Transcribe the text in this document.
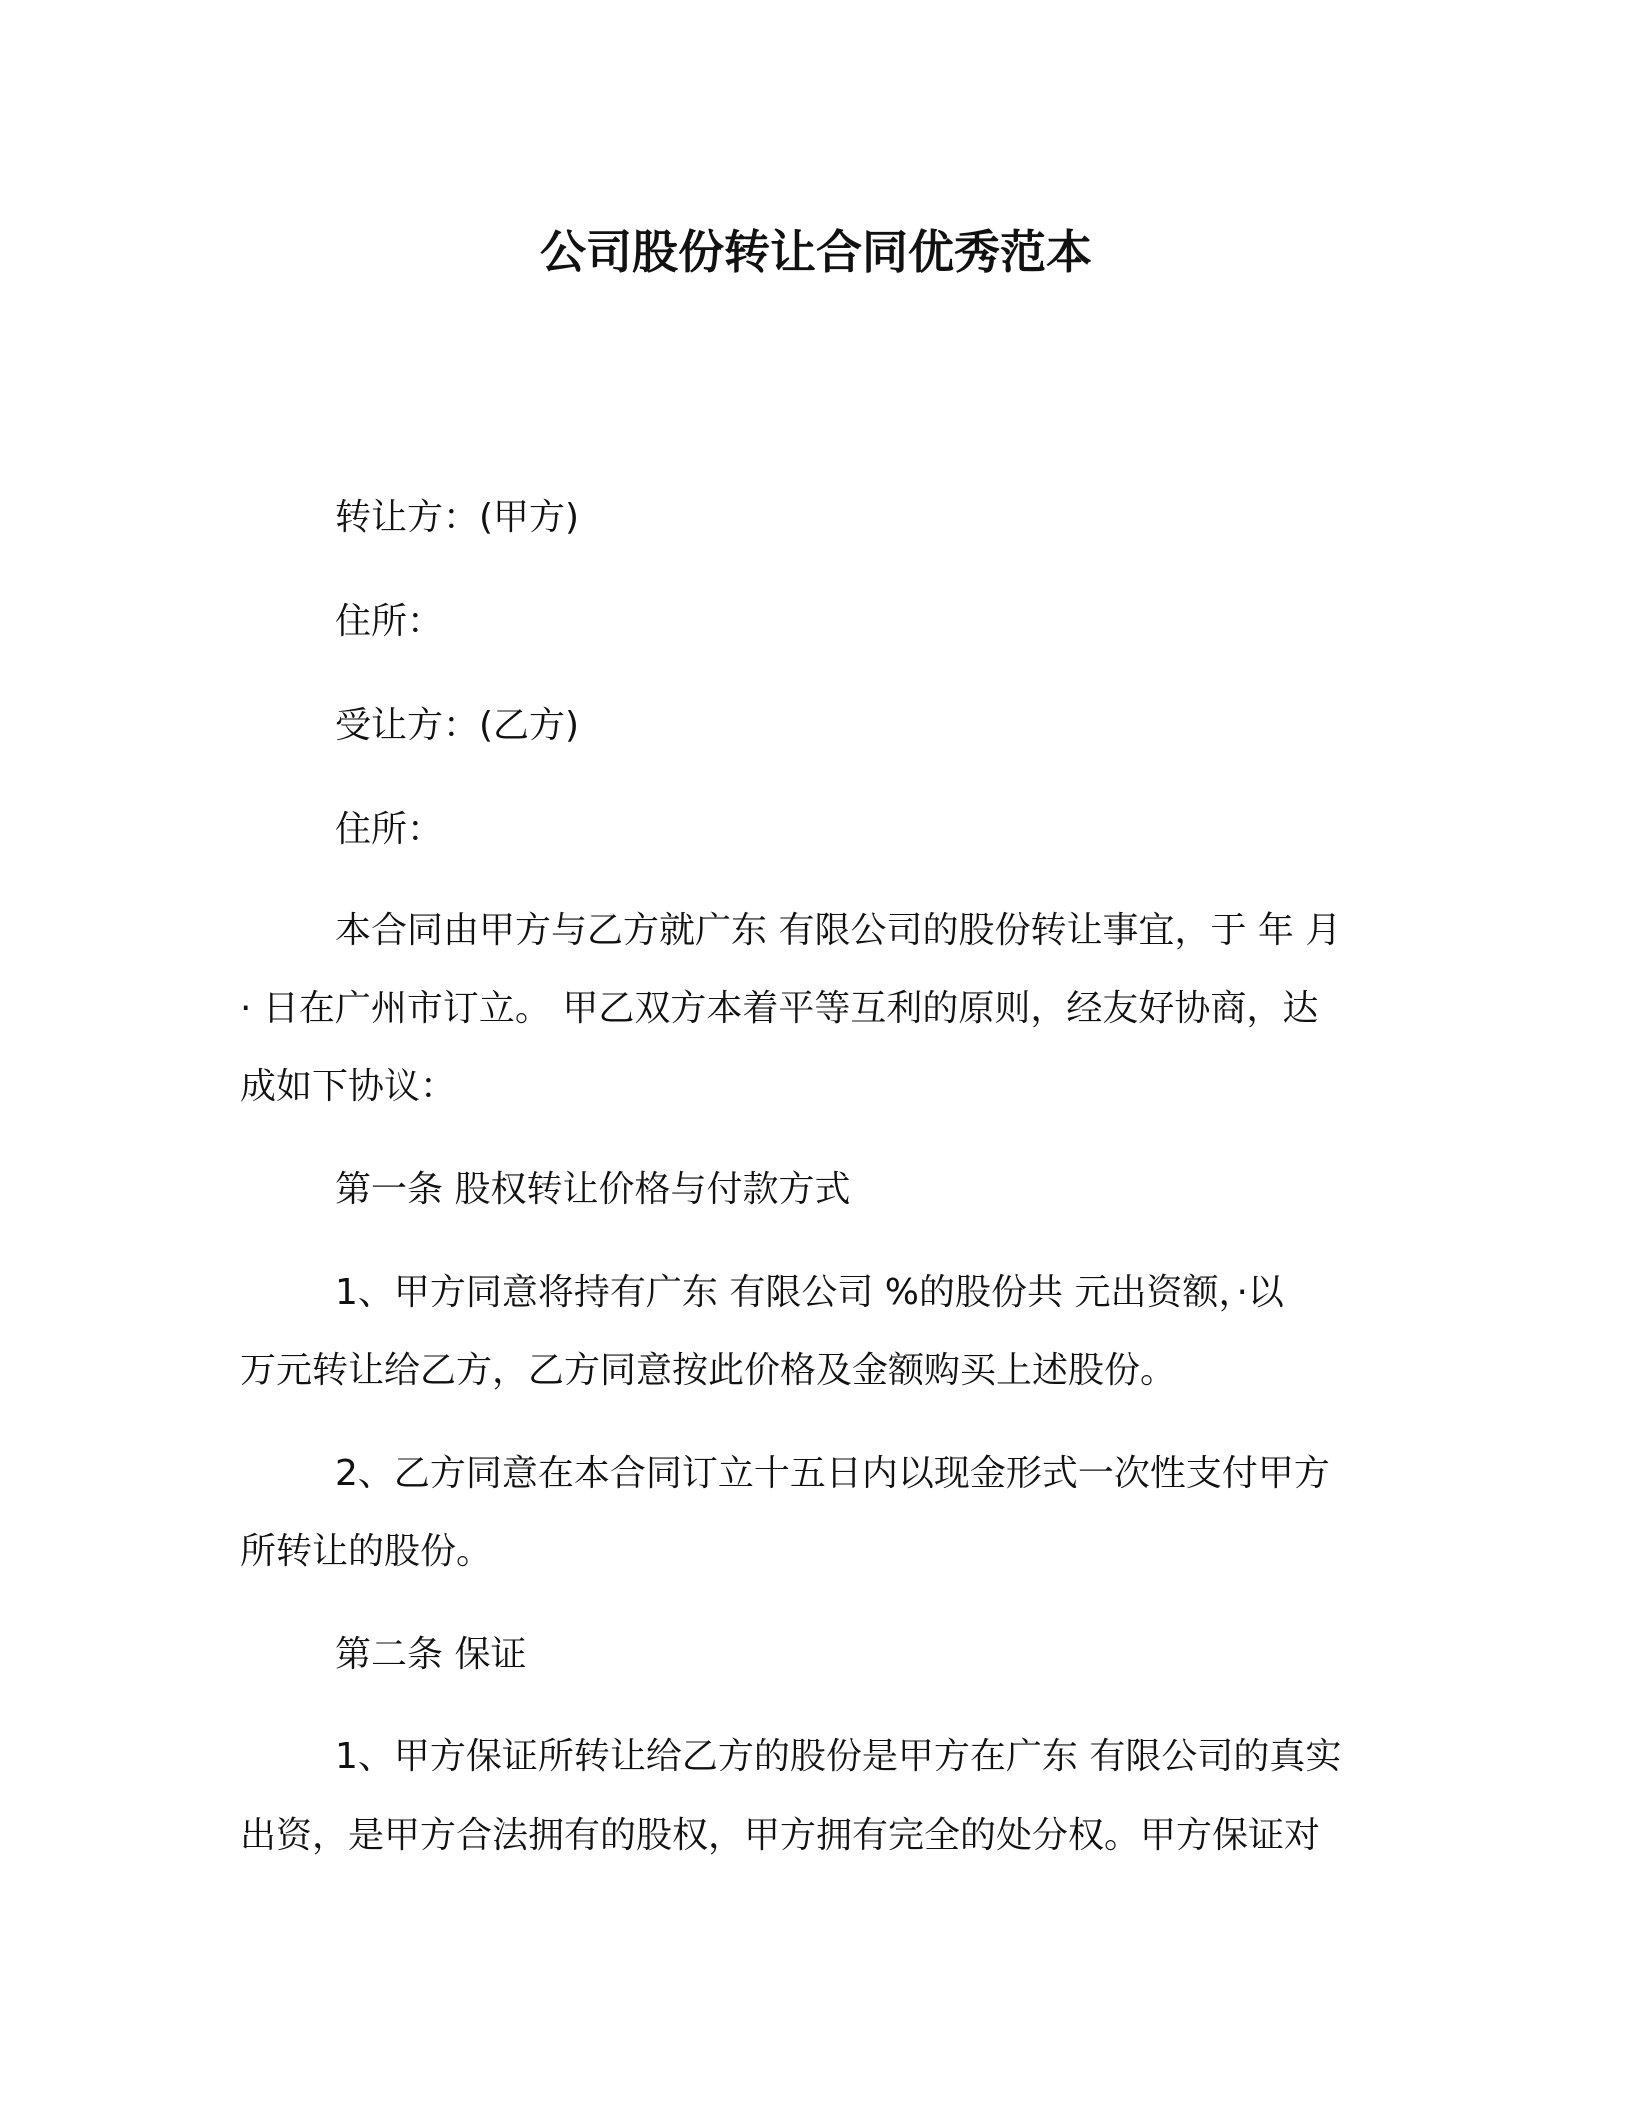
公司股份转让合同优秀范本
转让方：(甲方)
住所：
受让方：(乙方)
住所：
本合同由甲方与乙方就广东 有限公司的股份转让事宜，于 年 月
· 日在广州市订立。 甲乙双方本着平等互利的原则，经友好协商，达
成如下协议：
第一条 股权转让价格与付款方式
1、甲方同意将持有广东 有限公司 %的股份共 元出资额，·以
万元转让给乙方，乙方同意按此价格及金额购买上述股份。
2、乙方同意在本合同订立十五日内以现金形式一次性支付甲方
所转让的股份。
第二条 保证
1、甲方保证所转让给乙方的股份是甲方在广东 有限公司的真实
出资，是甲方合法拥有的股权，甲方拥有完全的处分权。甲方保证对
